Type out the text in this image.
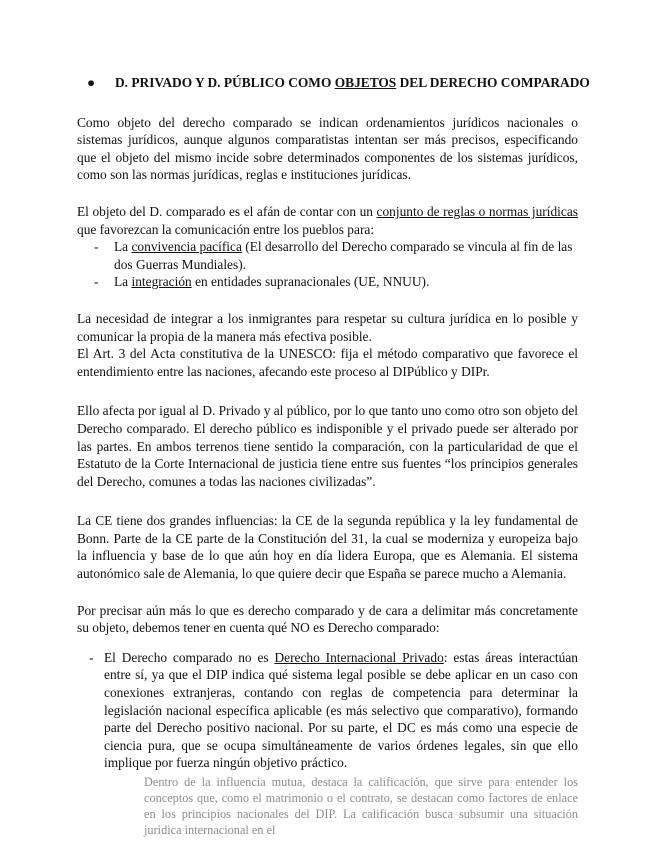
● D. PRIVADO Y D. PÚBLICO COMO OBJETOS DEL DERECHO COMPARADO

Como objeto del derecho comparado se indican ordenamientos jurídicos nacionales o sistemas jurídicos, aunque algunos comparatistas intentan ser más precisos, especificando que el objeto del mismo incide sobre determinados componentes de los sistemas jurídicos, como son las normas jurídicas, reglas e instituciones jurídicas.

El objeto del D. comparado es el afán de contar con un conjunto de reglas o normas jurídicas que favorezcan la comunicación entre los pueblos para:

- La convivencia pacífica (El desarrollo del Derecho comparado se vincula al fin de las dos Guerras Mundiales).
- La integración en entidades supranacionales (UE, NNUU).

La necesidad de integrar a los inmigrantes para respetar su cultura jurídica en lo posible y comunicar la propia de la manera más efectiva posible.

El Art. 3 del Acta constitutiva de la UNESCO: fija el método comparativo que favorece el entendimiento entre las naciones, afecando este proceso al DIPúblico y DIPr.

Ello afecta por igual al D. Privado y al público, por lo que tanto uno como otro son objeto del Derecho comparado. El derecho público es indisponible y el privado puede ser alterado por las partes. En ambos terrenos tiene sentido la comparación, con la particularidad de que el Estatuto de la Corte Internacional de justicia tiene entre sus fuentes “los principios generales del Derecho, comunes a todas las naciones civilizadas”.

La CE tiene dos grandes influencias: la CE de la segunda república y la ley fundamental de Bonn. Parte de la CE parte de la Constitución del 31, la cual se moderniza y europeiza bajo la influencia y base de lo que aún hoy en día lidera Europa, que es Alemania. El sistema autonómico sale de Alemania, lo que quiere decir que España se parece mucho a Alemania.

Por precisar aún más lo que es derecho comparado y de cara a delimitar más concretamente su objeto, debemos tener en cuenta qué NO es Derecho comparado:

- El Derecho comparado no es Derecho Internacional Privado: estas áreas interactúan entre sí, ya que el DIP indica qué sistema legal posible se debe aplicar en un caso con conexiones extranjeras, contando con reglas de competencia para determinar la legislación nacional específica aplicable (es más selectivo que comparativo), formando parte del Derecho positivo nacional. Por su parte, el DC es más como una especie de ciencia pura, que se ocupa simultáneamente de varios órdenes legales, sin que ello implique por fuerza ningún objetivo práctico.

Dentro de la influencia mutua, destaca la calificación, que sirve para entender los conceptos que, como el matrimonio o el contrato, se destacan como factores de enlace en los principios nacionales del DIP. La calificación busca subsumir una situación jurídica internacional en el
